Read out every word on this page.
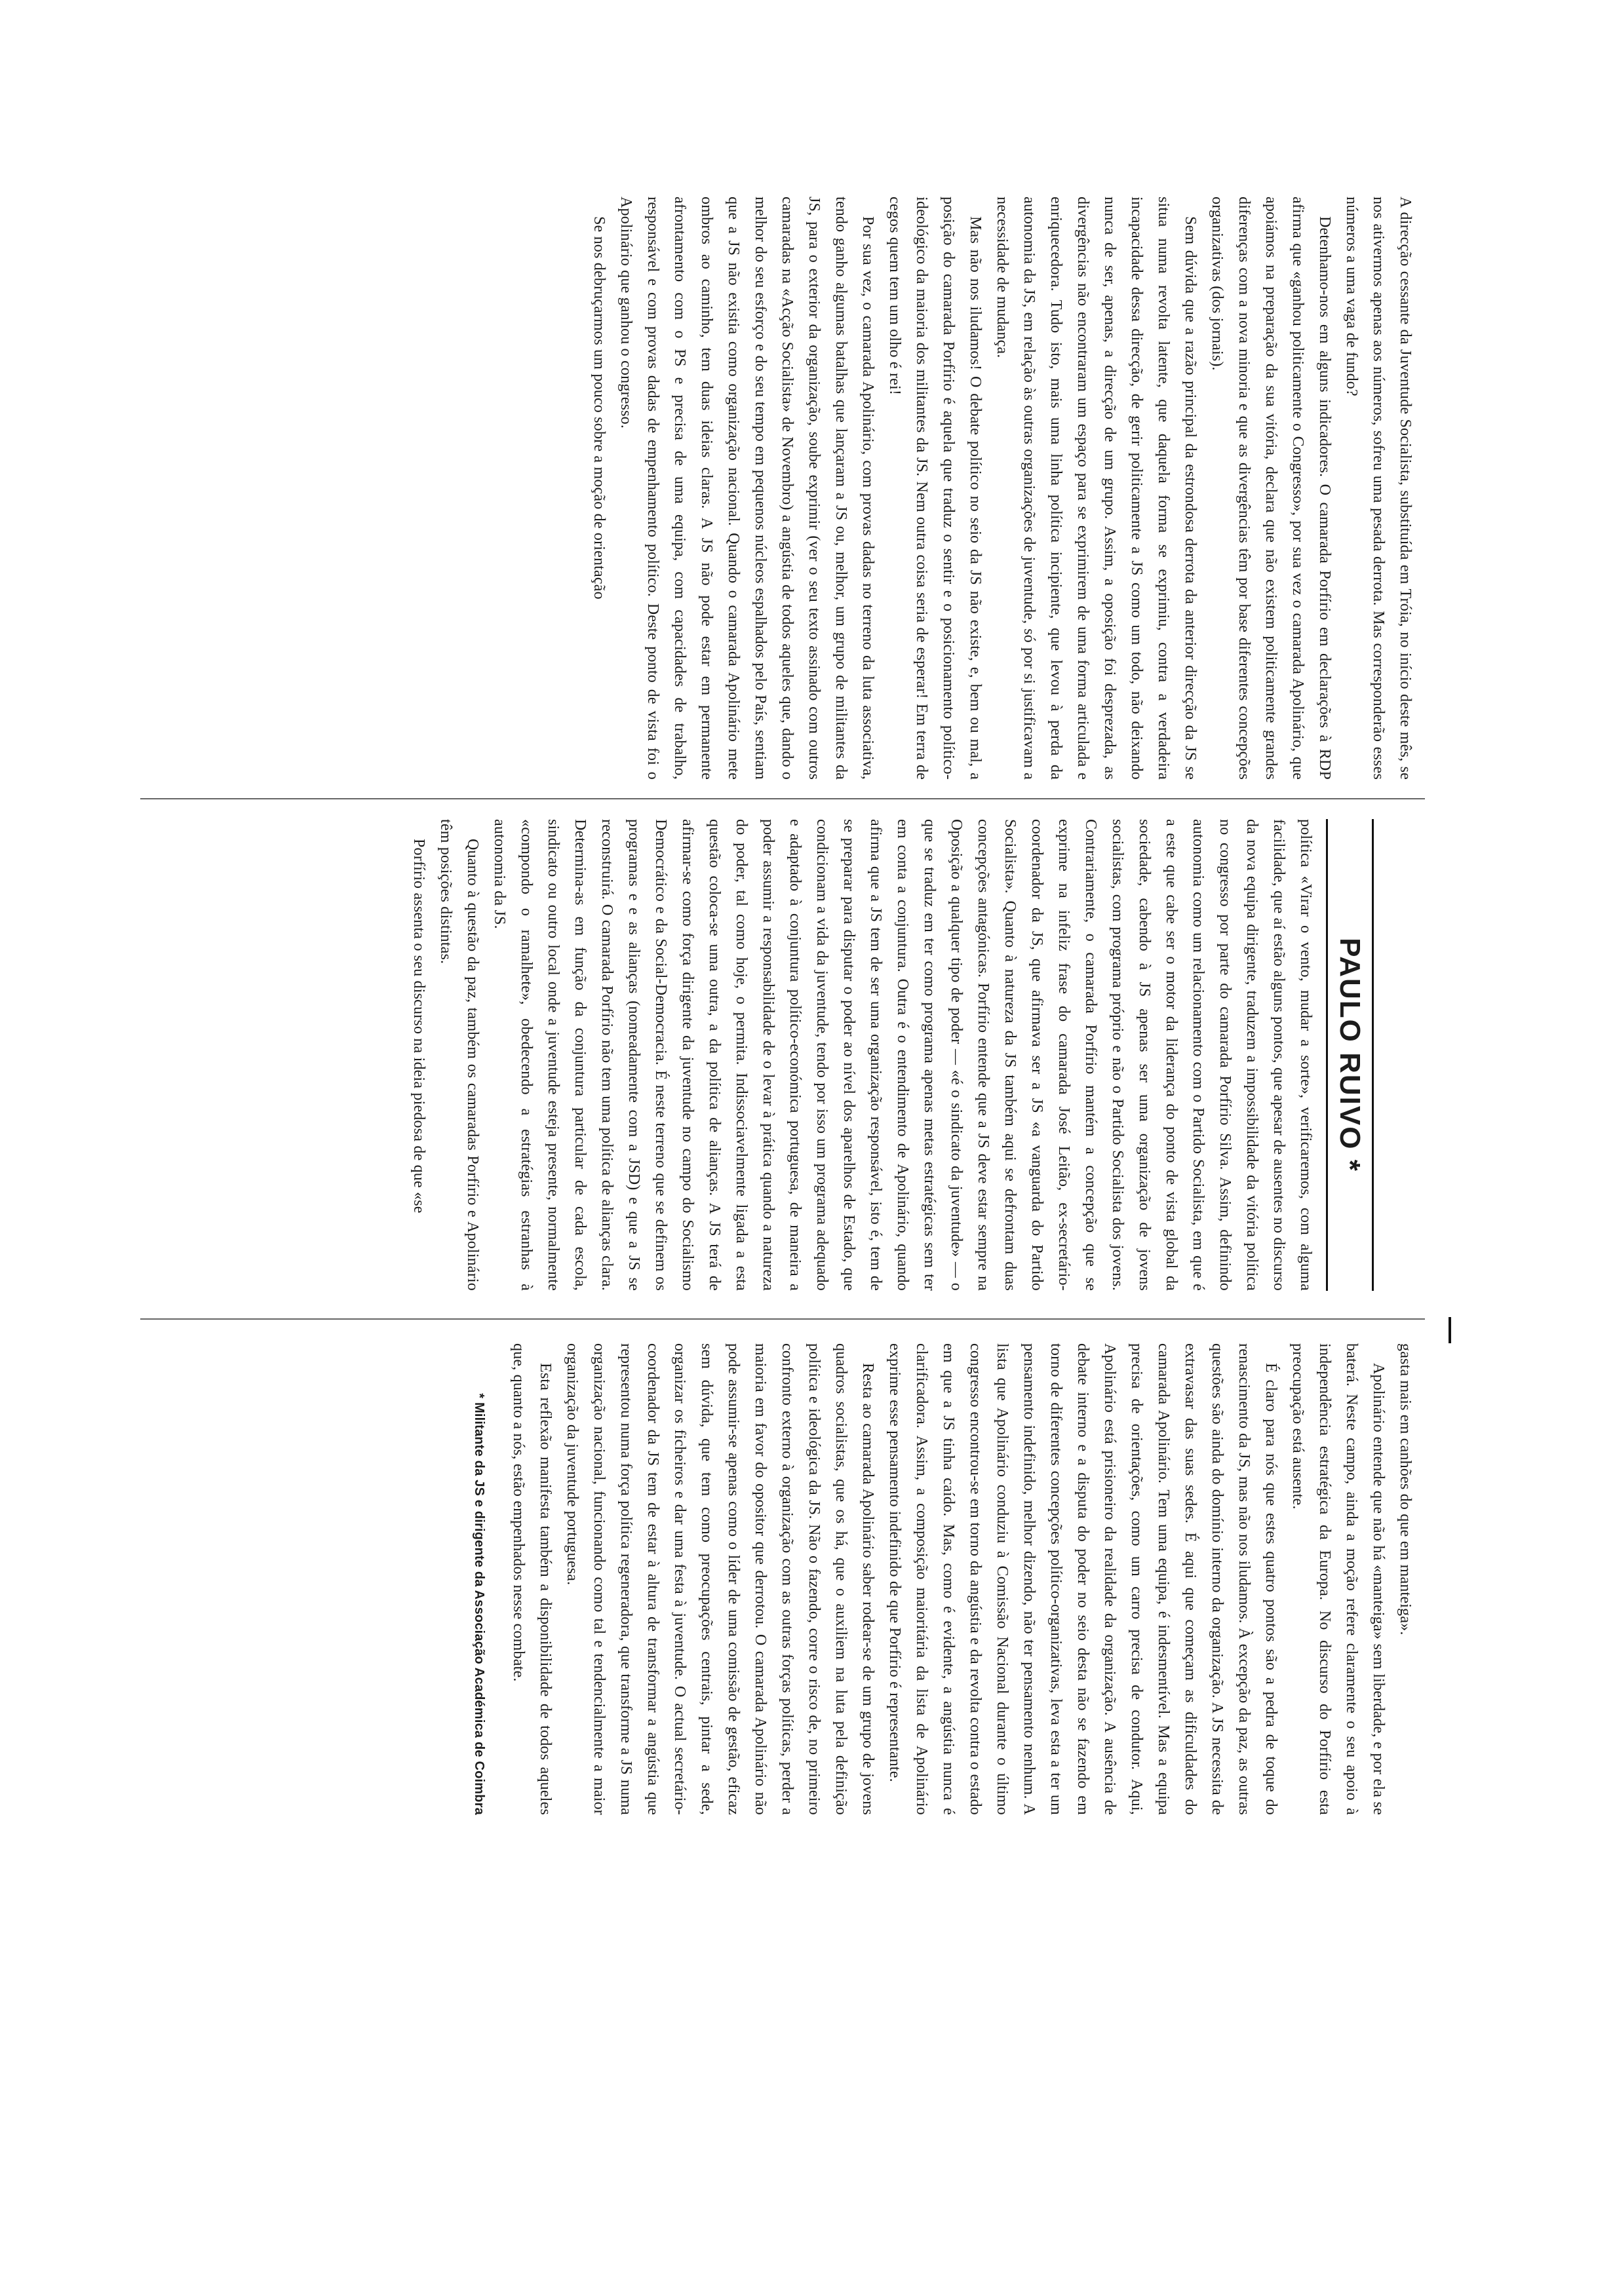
PAULO RUIVO *

A direcção cessante da Juventude Socialista, substituída em Tróia, no início deste mês, se nos ativermos apenas aos números, sofreu uma pesada derrota. Mas corresponderão esses números a uma vaga de fundo?

Detenhamo-nos em alguns indicadores. O camarada Porfírio em declarações à RDP afirma que «ganhou politicamente o Congresso», por sua vez o camarada Apolinário, que apoiámos na preparação da sua vitória, declara que não existem politicamente grandes diferenças com a nova minoria e que as divergências têm por base diferentes concepções organizativas (dos jornais).

Sem dúvida que a razão principal da estrondosa derrota da anterior direcção da JS se situa numa revolta latente, que daquela forma se exprimiu, contra a verdadeira incapacidade dessa direcção, de gerir politicamente a JS como um todo, não deixando nunca de ser, apenas, a direcção de um grupo. Assim, a oposição foi desprezada, as divergências não encontraram um espaço para se exprimirem de uma forma articulada e enriquecedora. Tudo isto, mais uma linha política incipiente, que levou à perda da autonomia da JS, em relação às outras organizações de juventude, só por si justificavam a necessidade de mudança.

Mas não nos iludamos! O debate político no seio da JS não existe, e, bem ou mal, a posição do camarada Porfírio é aquela que traduz o sentir e o posicionamento político-ideológico da maioria dos militantes da JS. Nem outra coisa seria de esperar! Em terra de cegos quem tem um olho é rei!

Por sua vez, o camarada Apolinário, com provas dadas no terreno da luta associativa, tendo ganho algumas batalhas que lançaram a JS ou, melhor, um grupo de militantes da JS, para o exterior da organização, soube exprimir (ver o seu texto assinado com outros camaradas na «Acção Socialista» de Novembro) a angústia de todos aqueles que, dando o melhor do seu esforço e do seu tempo em pequenos núcleos espalhados pelo País, sentiam que a JS não existia como organização nacional. Quando o camarada Apolinário mete ombros ao caminho, tem duas ideias claras. A JS não pode estar em permanente afrontamento com o PS e precisa de uma equipa, com capacidades de trabalho, responsável e com provas dadas de empenhamento político. Deste ponto de vista foi o Apolinário que ganhou o congresso.

Se nos debruçarmos um pouco sobre a moção de orientação

política «Virar o vento, mudar a sorte», verificaremos, com alguma facilidade, que aí estão alguns pontos, que apesar de ausentes no discurso da nova equipa dirigente, traduzem a impossibilidade da vitória política no congresso por parte do camarada Porfírio Silva. Assim, definindo autonomia como um relacionamento com o Partido Socialista, em que é a este que cabe ser o motor da liderança do ponto de vista global da sociedade, cabendo à JS apenas ser uma organização de jovens socialistas, com programa próprio e não o Partido Socialista dos jovens. Contrariamente, o camarada Porfírio mantém a concepção que se exprime na infeliz frase do camarada José Leitão, ex-secretário-coordenador da JS, que afirmava ser a JS «a vanguarda do Partido Socialista». Quanto à natureza da JS também aqui se defrontam duas concepções antagónicas. Porfírio entende que a JS deve estar sempre na Oposição a qualquer tipo de poder — «é o sindicato da juventude» — o que se traduz em ter como programa apenas metas estratégicas sem ter em conta a conjuntura. Outra é o entendimento de Apolinário, quando afirma que a JS tem de ser uma organização responsável, isto é, tem de se preparar para disputar o poder ao nível dos aparelhos de Estado, que condicionam a vida da juventude, tendo por isso um programa adequado e adaptado à conjuntura político-económica portuguesa, de maneira a poder assumir a responsabilidade de o levar à prática quando a natureza do poder, tal como hoje, o permita. Indissociavelmente ligada a esta questão coloca-se uma outra, a da política de alianças. A JS terá de afirmar-se como força dirigente da juventude no campo do Socialismo Democrático e da Social-Democracia. É neste terreno que se definem os programas e e as alianças (nomeadamente com a JSD) e que a JS se reconstruirá. O camarada Porfírio não tem uma política de alianças clara. Determina-as em função da conjuntura particular de cada escola, sindicato ou outro local onde a juventude esteja presente, normalmente «compondo o ramalhete», obedecendo a estratégias estranhas à autonomia da JS.

Quanto à questão da paz, também os camaradas Porfírio e Apolinário têm posições distintas.

Porfírio assenta o seu discurso na ideia piedosa de que «se

gasta mais em canhões do que em manteiga».

Apolinário entende que não há «manteiga» sem liberdade, e por ela se baterá. Neste campo, ainda a moção refere claramente o seu apoio à independência estratégica da Europa. No discurso do Porfírio esta preocupação está ausente.

É claro para nós que estes quatro pontos são a pedra de toque do renascimento da JS, mas não nos iludamos. À excepção da paz, as outras questões são ainda do domínio interno da organização. A JS necessita de extravasar das suas sedes. É aqui que começam as dificuldades do camarada Apolinário. Tem uma equipa, é indesmentível. Mas a equipa precisa de orientações, como um carro precisa de condutor. Aqui, Apolinário está prisioneiro da realidade da organização. A ausência de debate interno e a disputa do poder no seio desta não se fazendo em torno de diferentes concepções político-organizativas, leva esta a ter um pensamento indefinido, melhor dizendo, não ter pensamento nenhum. A lista que Apolinário conduziu à Comissão Nacional durante o último congresso encontrou-se em torno da angústia e da revolta contra o estado em que a JS tinha caído. Mas, como é evidente, a angústia nunca é clarificadora. Assim, a composição maioritária da lista de Apolinário exprime esse pensamento indefinido de que Porfírio é representante.

Resta ao camarada Apolinário saber rodear-se de um grupo de jovens quadros socialistas, que os há, que o auxiliem na luta pela definição política e ideológica da JS. Não o fazendo, corre o risco de, no primeiro confronto externo à organização com as outras forças políticas, perder a maioria em favor do opositor que derrotou. O camarada Apolinário não pode assumir-se apenas como o líder de uma comissão de gestão, eficaz sem dúvida, que tem como preocupações centrais, pintar a sede, organizar os ficheiros e dar uma festa à juventude. O actual secretário-coordenador da JS tem de estar à altura de transformar a angústia que representou numa força política regeneradora, que transforme a JS numa organização nacional, funcionando como tal e tendencialmente a maior organização da juventude portuguesa.

Esta reflexão manifesta também a disponibilidade de todos aqueles que, quanto a nós, estão empenhados nesse combate.

* Militante da JS e dirigente da Associação Académica de Coimbra
